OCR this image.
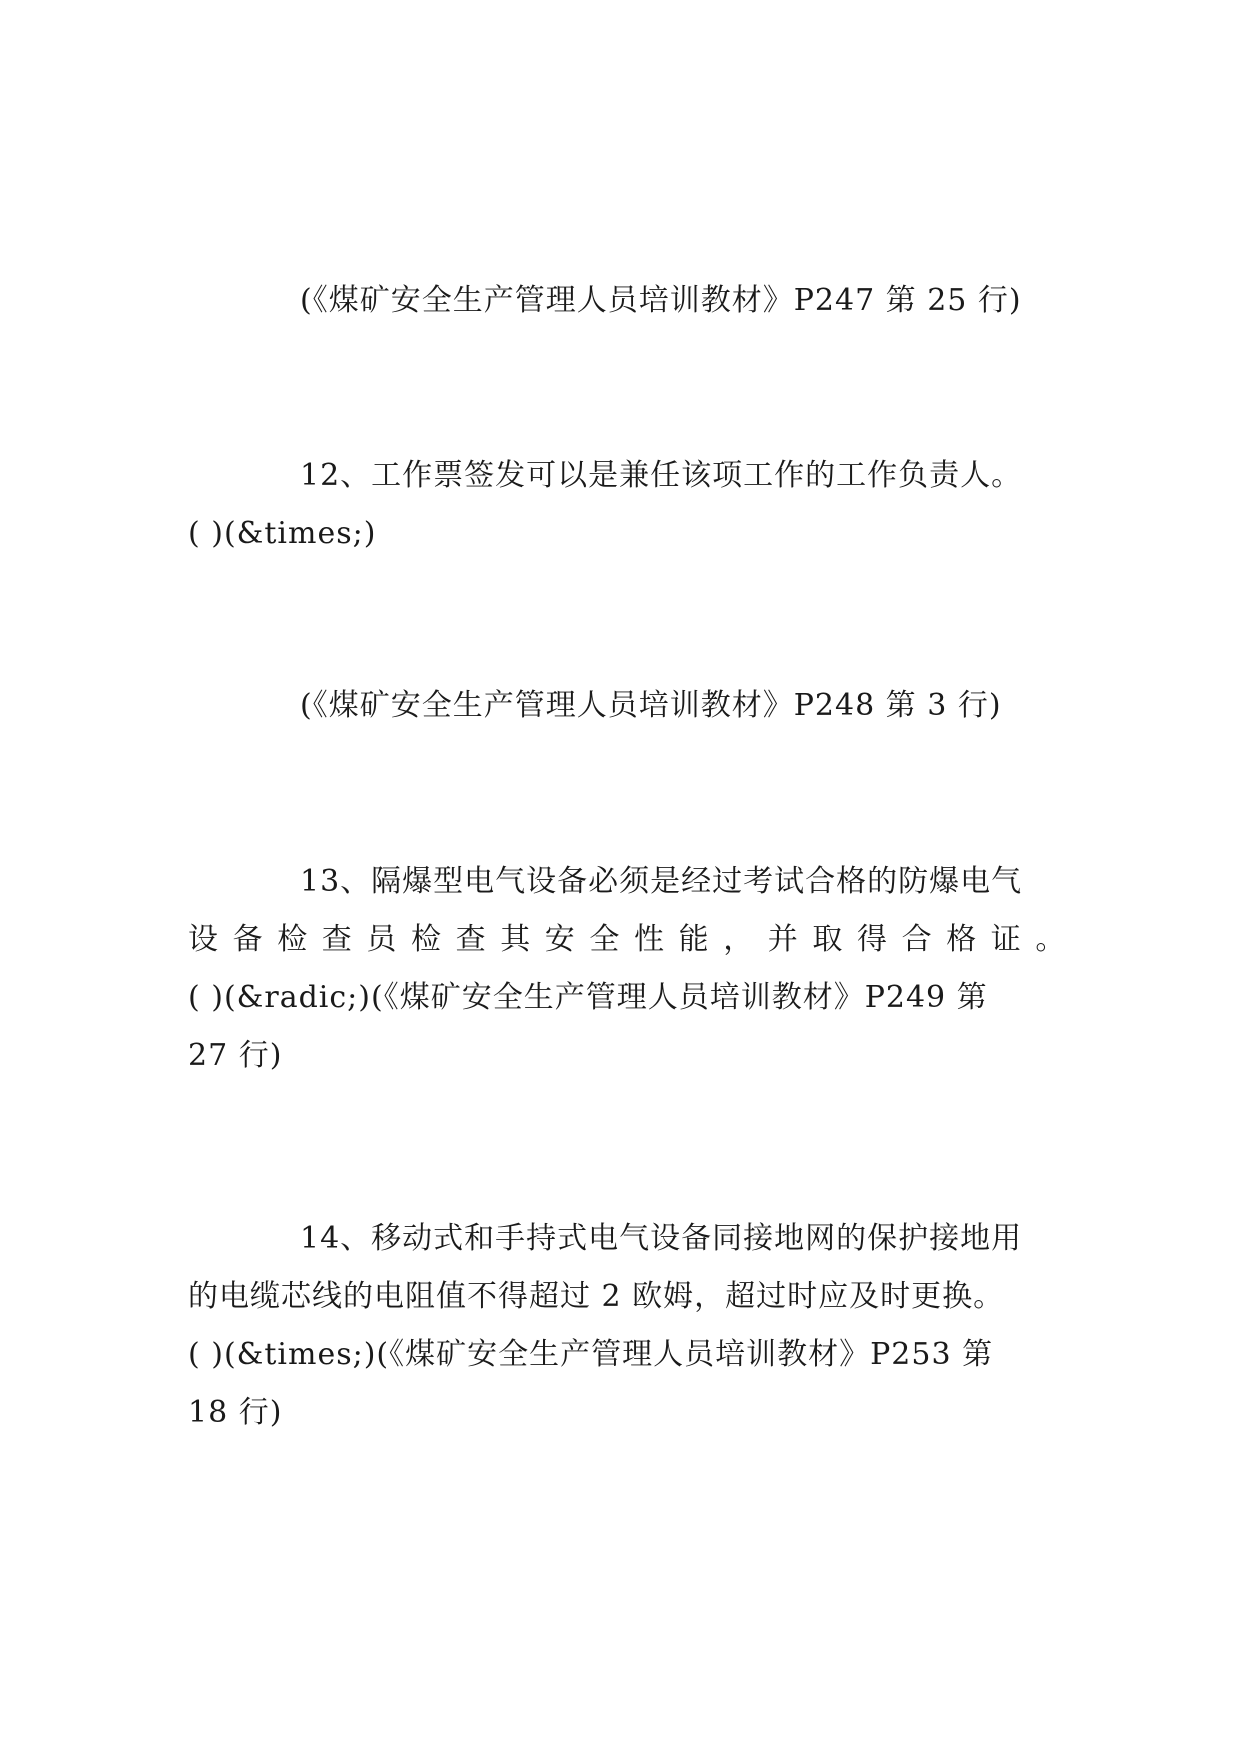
(《煤矿安全生产管理人员培训教材》P247 第 25 行)
12、工作票签发可以是兼任该项工作的工作负责人。
( )(&times;)
(《煤矿安全生产管理人员培训教材》P248 第 3 行)
13、隔爆型电气设备必须是经过考试合格的防爆电气
设备检查员检查其安全性能，并取得合格证。
( )(&radic;)(《煤矿安全生产管理人员培训教材》P249 第
27 行)
14、移动式和手持式电气设备同接地网的保护接地用
的电缆芯线的电阻值不得超过 2 欧姆，超过时应及时更换。
( )(&times;)(《煤矿安全生产管理人员培训教材》P253 第
18 行)
